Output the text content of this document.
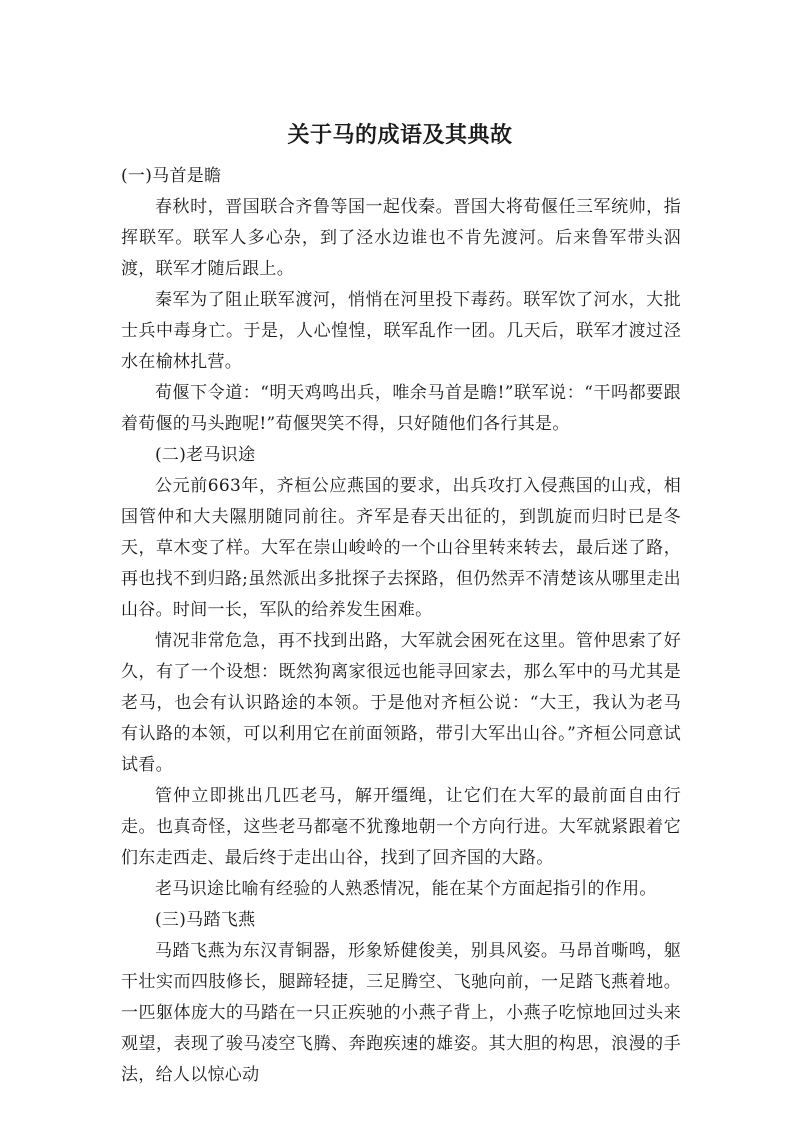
关于马的成语及其典故
(一)马首是瞻

春秋时，晋国联合齐鲁等国一起伐秦。晋国大将荀偃任三军统帅，指挥联军。联军人多心杂，到了泾水边谁也不肯先渡河。后来鲁军带头泅渡，联军才随后跟上。

秦军为了阻止联军渡河，悄悄在河里投下毒药。联军饮了河水，大批士兵中毒身亡。于是，人心惶惶，联军乱作一团。几天后，联军才渡过泾水在榆林扎营。

荀偃下令道：“明天鸡鸣出兵，唯余马首是瞻!”联军说：“干吗都要跟着荀偃的马头跑呢!”荀偃哭笑不得，只好随他们各行其是。

(二)老马识途

公元前663年，齐桓公应燕国的要求，出兵攻打入侵燕国的山戎，相国管仲和大夫隰朋随同前往。齐军是春天出征的，到凯旋而归时已是冬天，草木变了样。大军在崇山峻岭的一个山谷里转来转去，最后迷了路，再也找不到归路;虽然派出多批探子去探路，但仍然弄不清楚该从哪里走出山谷。时间一长，军队的给养发生困难。

情况非常危急，再不找到出路，大军就会困死在这里。管仲思索了好久，有了一个设想：既然狗离家很远也能寻回家去，那么军中的马尤其是老马，也会有认识路途的本领。于是他对齐桓公说：“大王，我认为老马有认路的本领，可以利用它在前面领路，带引大军出山谷。”齐桓公同意试试看。

管仲立即挑出几匹老马，解开缰绳，让它们在大军的最前面自由行走。也真奇怪，这些老马都毫不犹豫地朝一个方向行进。大军就紧跟着它们东走西走、最后终于走出山谷，找到了回齐国的大路。

老马识途比喻有经验的人熟悉情况，能在某个方面起指引的作用。

(三)马踏飞燕

马踏飞燕为东汉青铜器，形象矫健俊美，别具风姿。马昂首嘶鸣，躯干壮实而四肢修长，腿蹄轻捷，三足腾空、飞驰向前，一足踏飞燕着地。一匹躯体庞大的马踏在一只正疾驰的小燕子背上，小燕子吃惊地回过头来观望，表现了骏马凌空飞腾、奔跑疾速的雄姿。其大胆的构思，浪漫的手法，给人以惊心动
